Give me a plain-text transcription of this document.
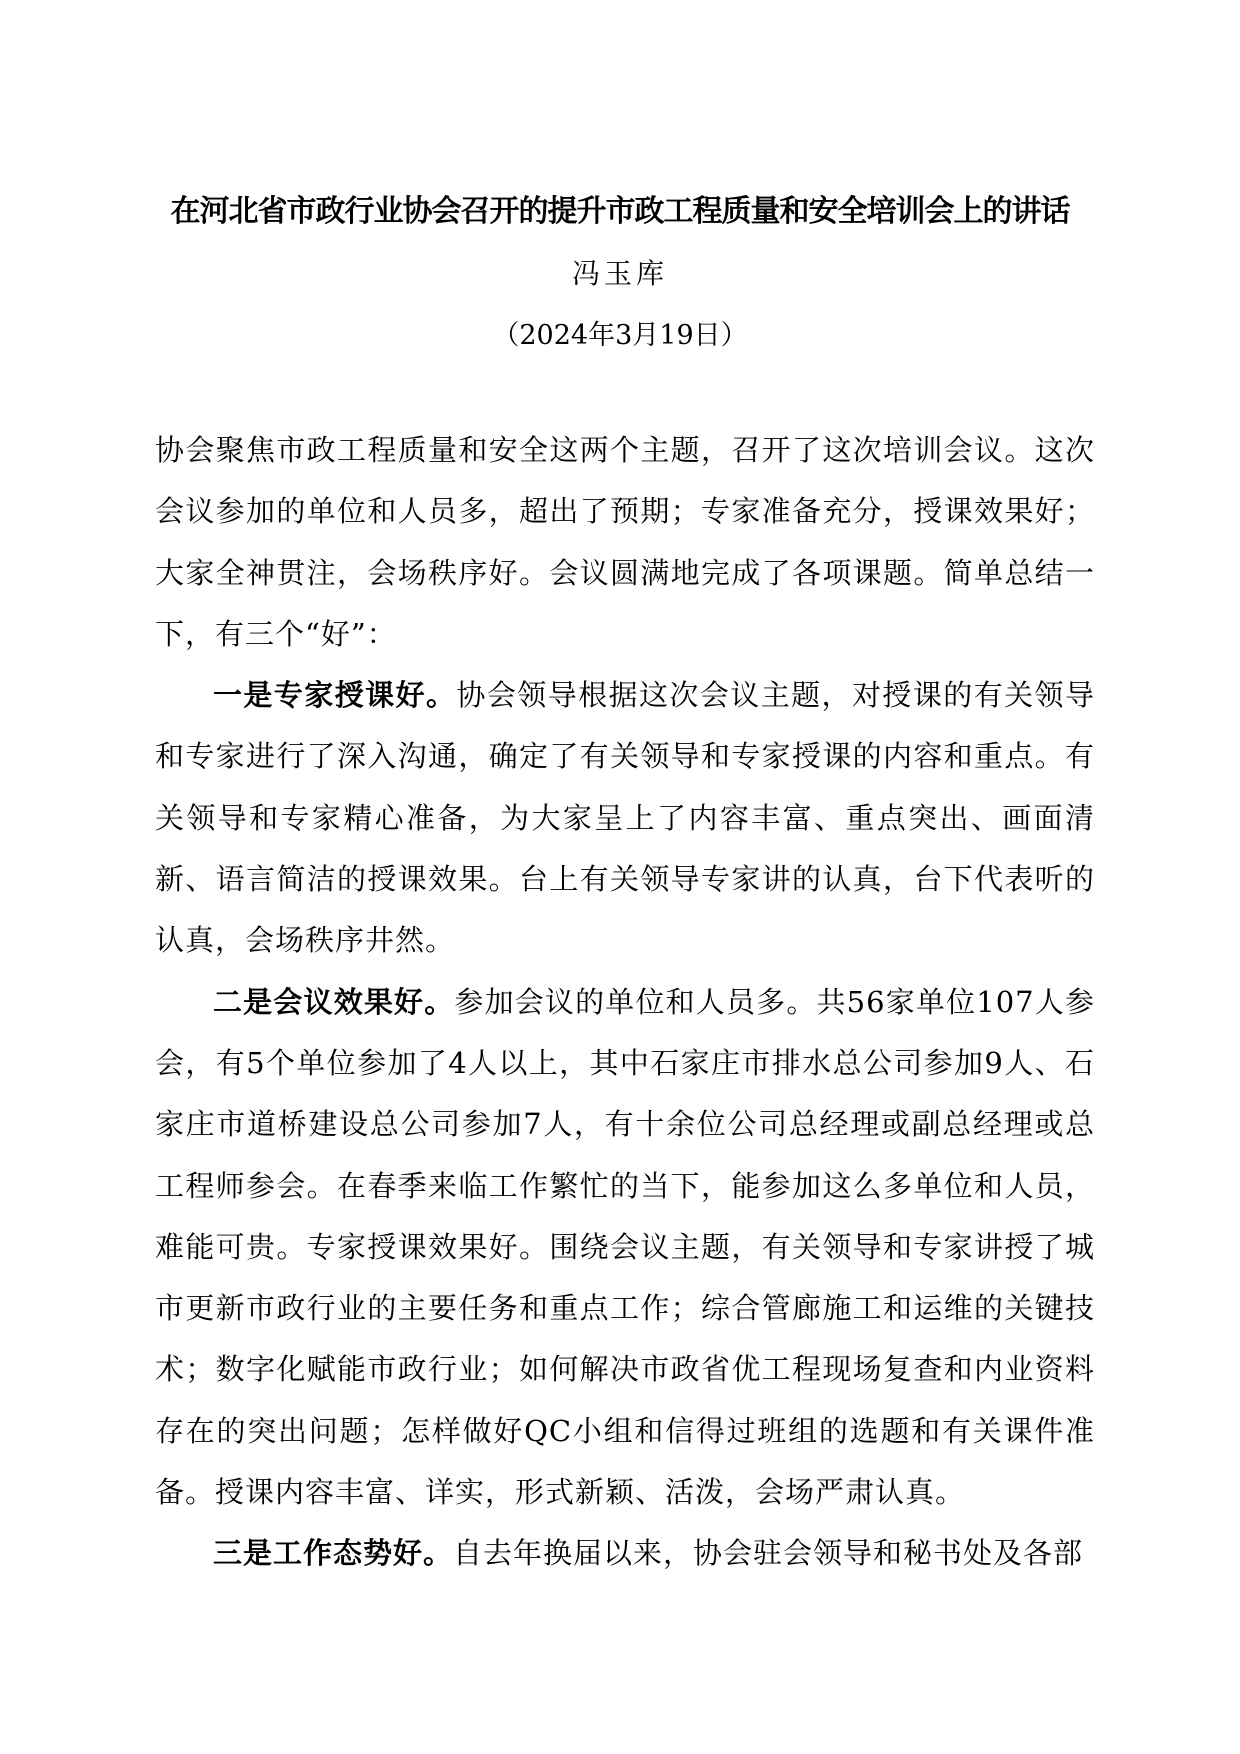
在河北省市政行业协会召开的提升市政工程质量和安全培训会上的讲话
冯玉库
（2024年3月19日）

协会聚焦市政工程质量和安全这两个主题，召开了这次培训会议。这次会议参加的单位和人员多，超出了预期；专家准备充分，授课效果好；大家全神贯注，会场秩序好。会议圆满地完成了各项课题。简单总结一下，有三个“好”：

一是专家授课好。协会领导根据这次会议主题，对授课的有关领导和专家进行了深入沟通，确定了有关领导和专家授课的内容和重点。有关领导和专家精心准备，为大家呈上了内容丰富、重点突出、画面清新、语言简洁的授课效果。台上有关领导专家讲的认真，台下代表听的认真，会场秩序井然。

二是会议效果好。参加会议的单位和人员多。共56家单位107人参会，有5个单位参加了4人以上，其中石家庄市排水总公司参加9人、石家庄市道桥建设总公司参加7人，有十余位公司总经理或副总经理或总工程师参会。在春季来临工作繁忙的当下，能参加这么多单位和人员，难能可贵。专家授课效果好。围绕会议主题，有关领导和专家讲授了城市更新市政行业的主要任务和重点工作；综合管廊施工和运维的关键技术；数字化赋能市政行业；如何解决市政省优工程现场复查和内业资料存在的突出问题；怎样做好QC小组和信得过班组的选题和有关课件准备。授课内容丰富、详实，形式新颖、活泼，会场严肃认真。

三是工作态势好。自去年换届以来，协会驻会领导和秘书处及各部
